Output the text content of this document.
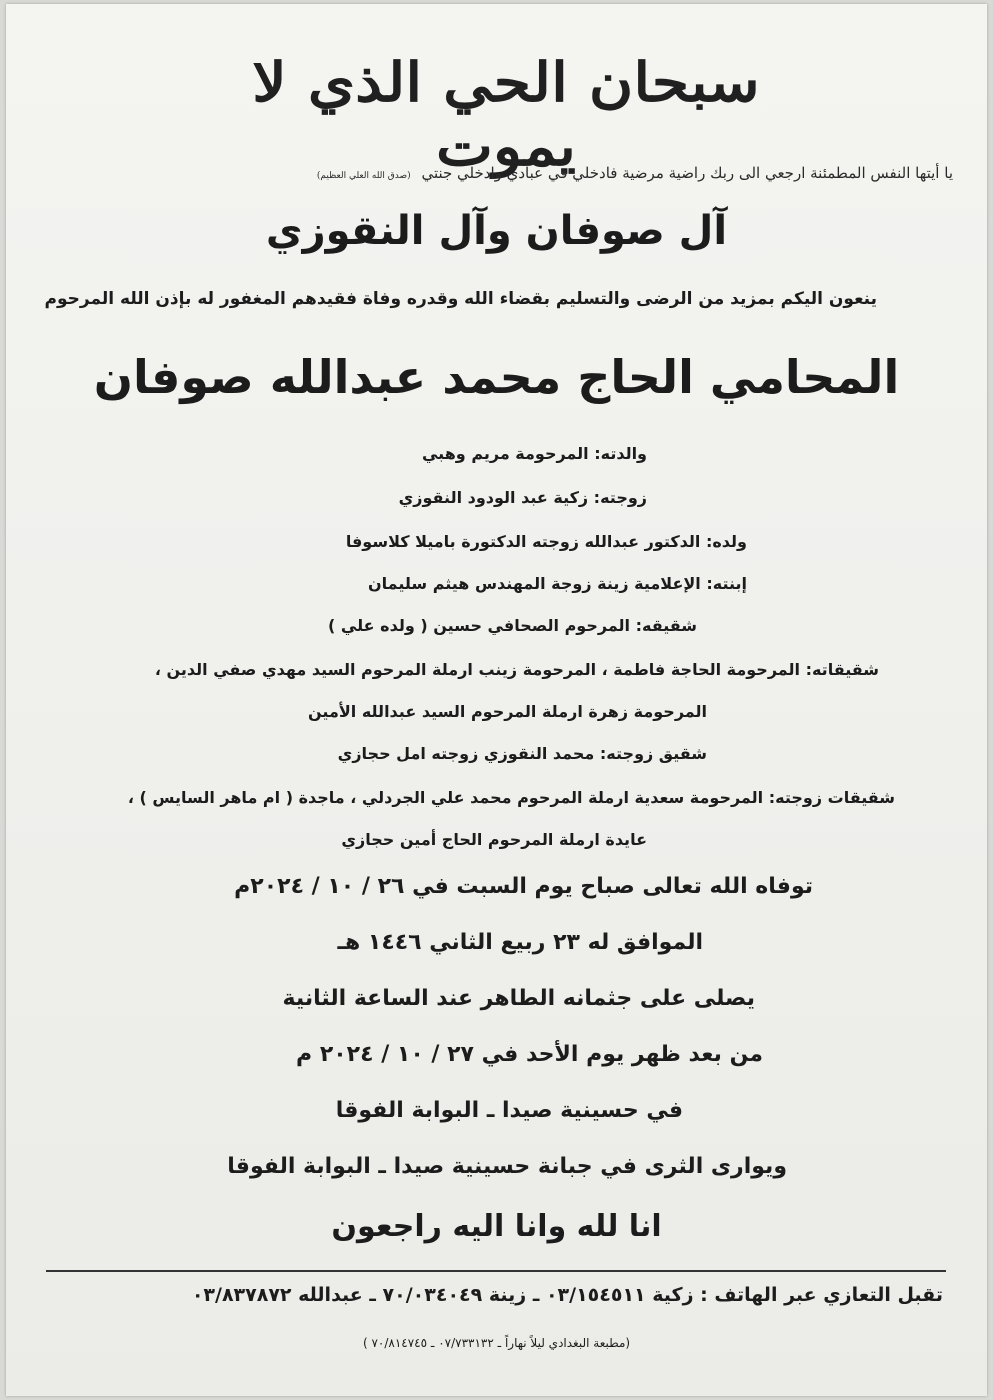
سبحان الحي الذي لا يموت
يا أيتها النفس المطمئنة ارجعي الى ربك راضية مرضية فادخلي في عبادي وادخلي جنتي (صدق الله العلي العظيم)
آل صوفان وآل النقوزي
ينعون اليكم بمزيد من الرضى والتسليم بقضاء الله وقدره وفاة فقيدهم المغفور له بإذن الله المرحوم
المحامي الحاج محمد عبدالله صوفان
والدته: المرحومة مريم وهبي
زوجته: زكية عبد الودود النقوزي
ولده: الدكتور عبدالله زوجته الدكتورة باميلا كلاسوفا
إبنته: الإعلامية زينة زوجة المهندس هيثم سليمان
شقيقه: المرحوم الصحافي حسين ( ولده علي )
شقيقاته: المرحومة الحاجة فاطمة ، المرحومة زينب ارملة المرحوم السيد مهدي صفي الدين ،
المرحومة زهرة ارملة المرحوم السيد عبدالله الأمين
شقيق زوجته: محمد النقوزي زوجته امل حجازي
شقيقات زوجته: المرحومة سعدية ارملة المرحوم محمد علي الجردلي ، ماجدة ( ام ماهر السايس ) ،
عايدة ارملة المرحوم الحاج أمين حجازي
توفاه الله تعالى صباح يوم السبت في ٢٦ / ١٠ / ٢٠٢٤م
الموافق له ٢٣ ربيع الثاني ١٤٤٦ هـ
يصلى على جثمانه الطاهر عند الساعة الثانية
من بعد ظهر يوم الأحد في ٢٧ / ١٠ / ٢٠٢٤ م
في حسينية صيدا ـ البوابة الفوقا
ويوارى الثرى في جبانة حسينية صيدا ـ البوابة الفوقا
انا لله وانا اليه راجعون
تقبل التعازي عبر الهاتف : زكية ٠٣/١٥٤٥١١ ـ زينة ٧٠/٠٣٤٠٤٩ ـ عبدالله ٠٣/٨٣٧٨٧٢
(مطبعة البغدادي ليلاً نهاراً ـ ٠٧/٧٣٣١٣٢ ـ ٧٠/٨١٤٧٤٥ )
